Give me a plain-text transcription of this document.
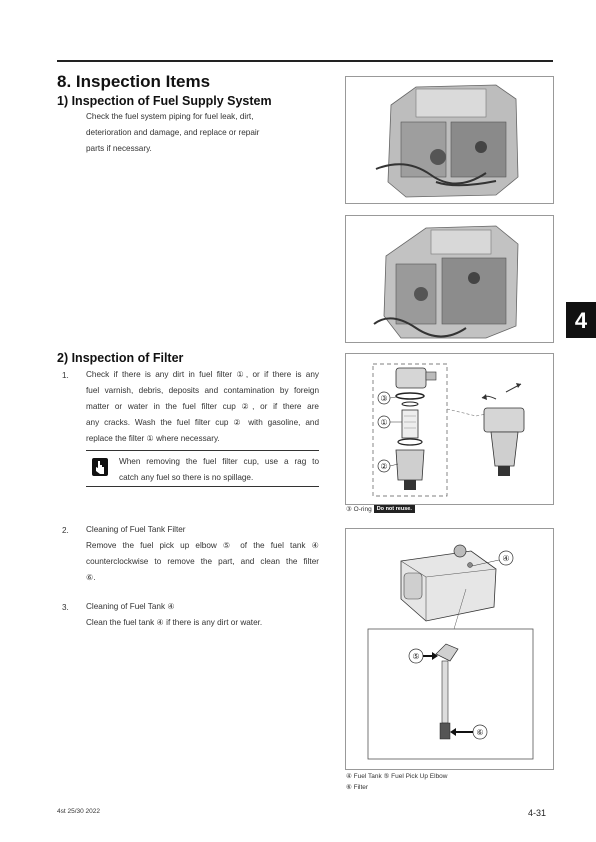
8. Inspection Items
4
1) Inspection of Fuel Supply System
Check the fuel system piping for fuel leak, dirt,
deterioration and damage, and replace or repair
parts if necessary.
2) Inspection of Filter
1. Check if there is any dirt in fuel filter ①, or if there is any
fuel varnish, debris, deposits and contamination by foreign
matter or water in the fuel filter cup ②, or if there are
any cracks. Wash the fuel filter cup ② with gasoline, and
replace the filter ① where necessary.
When removing the fuel filter cup, use a rag to
catch any fuel so there is no spillage.
③
①
②
③ O-ring Do not reuse.
2. Cleaning of Fuel Tank Filter
Remove the fuel pick up elbow ⑤ of the fuel tank ④
counterclockwise to remove the part, and clean the filter
⑥.
3. Cleaning of Fuel Tank ④
Clean the fuel tank ④ if there is any dirt or water.
④
⑤
⑥
④ Fuel Tank ⑤ Fuel Pick Up Elbow
⑥ Filter
4st 25/30 2022	4-31
